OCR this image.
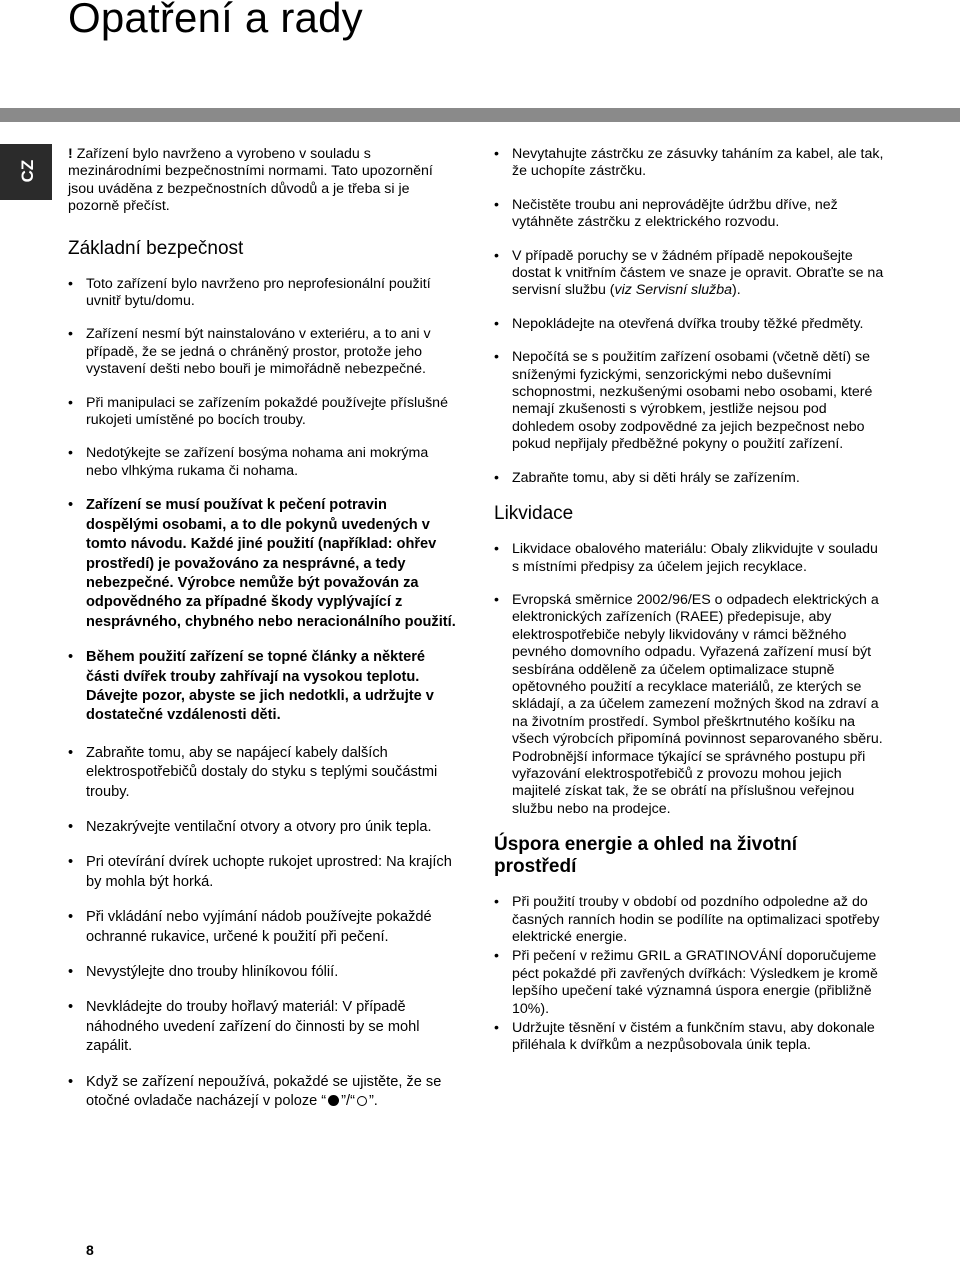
Opatření a rady
CZ

! Zařízení bylo navrženo a vyrobeno v souladu s mezinárodními bezpečnostními normami. Tato upozornění jsou uváděna z bezpečnostních důvodů a je třeba si je pozorně přečíst.

Základní bezpečnost
• Toto zařízení bylo navrženo pro neprofesionální použití uvnitř bytu/domu.
• Zařízení nesmí být nainstalováno v exteriéru, a to ani v případě, že se jedná o chráněný prostor, protože jeho vystavení dešti nebo bouři je mimořádně nebezpečné.
• Při manipulaci se zařízením pokaždé používejte příslušné rukojeti umístěné po bocích trouby.
• Nedotýkejte se zařízení bosýma nohama ani mokrýma nebo vlhkýma rukama či nohama.
• Zařízení se musí používat k pečení potravin dospělými osobami, a to dle pokynů uvedených v tomto návodu. Každé jiné použití (například: ohřev prostředí) je považováno za nesprávné, a tedy nebezpečné. Výrobce nemůže být považován za odpovědného za případné škody vyplývající z nesprávného, chybného nebo neracionálního použití.
• Během použití zařízení se topné články a některé části dvířek trouby zahřívají na vysokou teplotu. Dávejte pozor, abyste se jich nedotkli, a udržujte v dostatečné vzdálenosti děti.
• Zabraňte tomu, aby se napájecí kabely dalších elektrospotřebičů dostaly do styku s teplými součástmi trouby.
• Nezakrývejte ventilační otvory a otvory pro únik tepla.
• Pri otevírání dvírek uchopte rukojet uprostred: Na krajích by mohla být horká.
• Při vkládání nebo vyjímání nádob používejte pokaždé ochranné rukavice, určené k použití při pečení.
• Nevystýlejte dno trouby hliníkovou fólií.
• Nevkládejte do trouby hořlavý materiál: V případě náhodného uvedení zařízení do činnosti by se mohl zapálit.
• Když se zařízení nepoužívá, pokaždé se ujistěte, že se otočné ovladače nacházejí v poloze “ ”/“ ”.
• Nevytahujte zástrčku ze zásuvky taháním za kabel, ale tak, že uchopíte zástrčku.
• Nečistěte troubu ani neprovádějte údržbu dříve, než vytáhněte zástrčku z elektrického rozvodu.
• V případě poruchy se v žádném případě nepokoušejte dostat k vnitřním částem ve snaze je opravit. Obraťte se na servisní službu (viz Servisní služba).
• Nepokládejte na otevřená dvířka trouby těžké předměty.
• Nepočítá se s použitím zařízení osobami (včetně dětí) se sníženými fyzickými, senzorickými nebo duševními schopnostmi, nezkušenými osobami nebo osobami, které nemají zkušenosti s výrobkem, jestliže nejsou pod dohledem osoby zodpovědné za jejich bezpečnost nebo pokud nepřijaly předběžné pokyny o použití zařízení.
• Zabraňte tomu, aby si děti hrály se zařízením.
Likvidace
• Likvidace obalového materiálu: Obaly zlikvidujte v souladu s místními předpisy za účelem jejich recyklace.
• Evropská směrnice 2002/96/ES o odpadech elektrických a elektronických zařízeních (RAEE) předepisuje, aby elektrospotřebiče nebyly likvidovány v rámci běžného pevného domovního odpadu. Vyřazená zařízení musí být sesbírána odděleně za účelem optimalizace stupně opětovného použití a recyklace materiálů, ze kterých se skládají, a za účelem zamezení možných škod na zdraví a na životním prostředí. Symbol přeškrtnutého košíku na všech výrobcích připomíná povinnost separovaného sběru. Podrobnější informace týkající se správného postupu při vyřazování elektrospotřebičů z provozu mohou jejich majitelé získat tak, že se obrátí na příslušnou veřejnou službu nebo na prodejce.
Úspora energie a ohled na životní prostředí
• Při použití trouby v období od pozdního odpoledne až do časných ranních hodin se podílíte na optimalizaci spotřeby elektrické energie.
• Při pečení v režimu GRIL a GRATINOVÁNÍ doporučujeme péct pokaždé při zavřených dvířkách: Výsledkem je kromě lepšího upečení také významná úspora energie (přibližně 10%).
• Udržujte těsnění v čistém a funkčním stavu, aby dokonale přiléhala k dvířkům a nezpůsobovala únik tepla.
8
